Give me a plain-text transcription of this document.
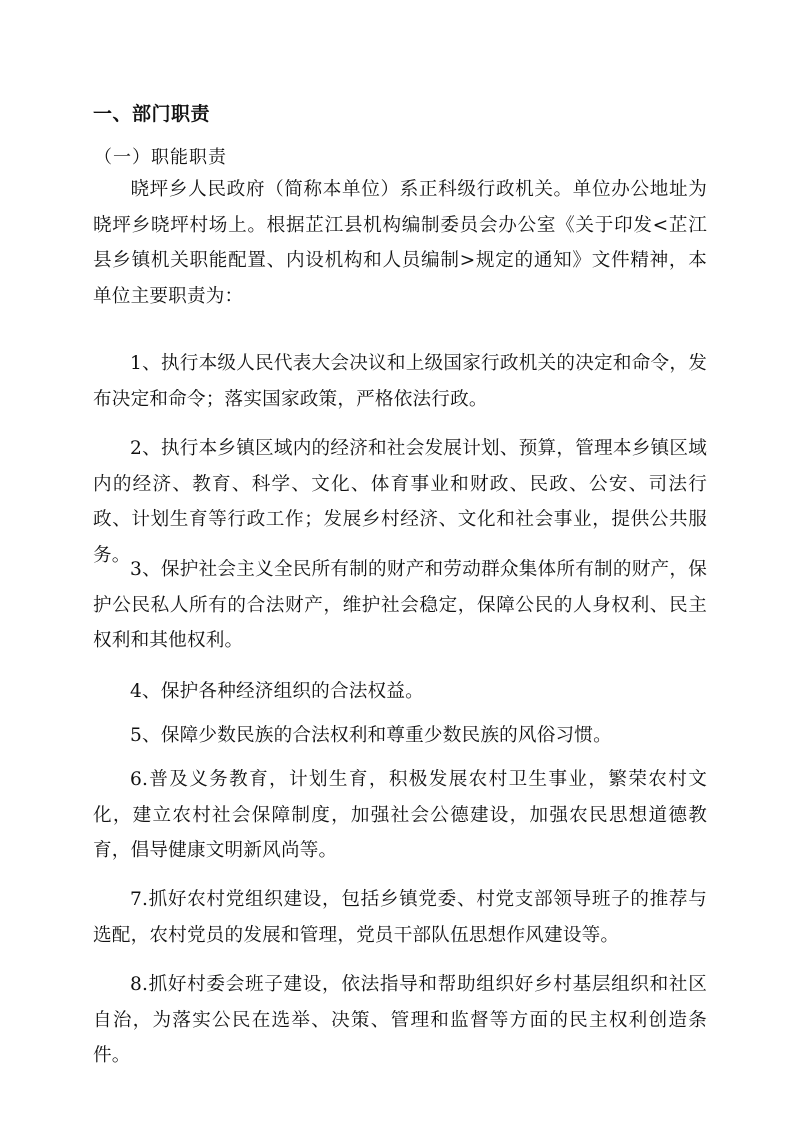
一、部门职责
（一）职能职责
晓坪乡人民政府（简称本单位）系正科级行政机关。单位办公地址为晓坪乡晓坪村场上。根据芷江县机构编制委员会办公室《关于印发<芷江县乡镇机关职能配置、内设机构和人员编制>规定的通知》文件精神，本单位主要职责为：
1、执行本级人民代表大会决议和上级国家行政机关的决定和命令，发布决定和命令；落实国家政策，严格依法行政。
2、执行本乡镇区域内的经济和社会发展计划、预算，管理本乡镇区域内的经济、教育、科学、文化、体育事业和财政、民政、公安、司法行政、计划生育等行政工作；发展乡村经济、文化和社会事业，提供公共服务。
3、保护社会主义全民所有制的财产和劳动群众集体所有制的财产，保护公民私人所有的合法财产，维护社会稳定，保障公民的人身权利、民主权利和其他权利。
4、保护各种经济组织的合法权益。
5、保障少数民族的合法权利和尊重少数民族的风俗习惯。
6.普及义务教育，计划生育，积极发展农村卫生事业，繁荣农村文化，建立农村社会保障制度，加强社会公德建设，加强农民思想道德教育，倡导健康文明新风尚等。
7.抓好农村党组织建设，包括乡镇党委、村党支部领导班子的推荐与选配，农村党员的发展和管理，党员干部队伍思想作风建设等。
8.抓好村委会班子建设，依法指导和帮助组织好乡村基层组织和社区自治，为落实公民在选举、决策、管理和监督等方面的民主权利创造条件。
